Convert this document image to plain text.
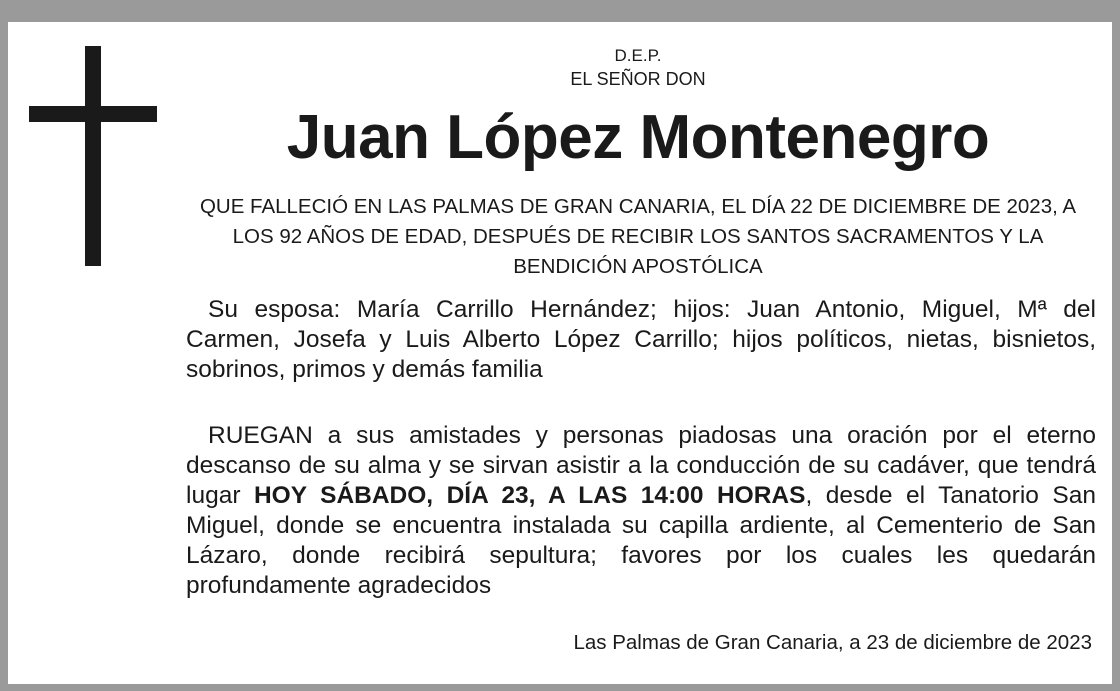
D.E.P.
EL SEÑOR DON
Juan López Montenegro
QUE FALLECIÓ EN LAS PALMAS DE GRAN CANARIA, EL DÍA 22 DE DICIEMBRE DE 2023, A LOS 92 AÑOS DE EDAD, DESPUÉS DE RECIBIR LOS SANTOS SACRAMENTOS Y LA BENDICIÓN APOSTÓLICA
Su esposa: María Carrillo Hernández; hijos: Juan Antonio, Miguel, Mª del Carmen, Josefa y Luis Alberto López Carrillo; hijos políticos, nietas, bisnietos, sobrinos, primos y demás familia
RUEGAN a sus amistades y personas piadosas una oración por el eterno descanso de su alma y se sirvan asistir a la conducción de su cadáver, que tendrá lugar HOY SÁBADO, DÍA 23, A LAS 14:00 HORAS, desde el Tanatorio San Miguel, donde se encuentra instalada su capilla ardiente, al Cementerio de San Lázaro, donde recibirá sepultura; favores por los cuales les quedarán profundamente agradecidos
Las Palmas de Gran Canaria, a 23 de diciembre de 2023
